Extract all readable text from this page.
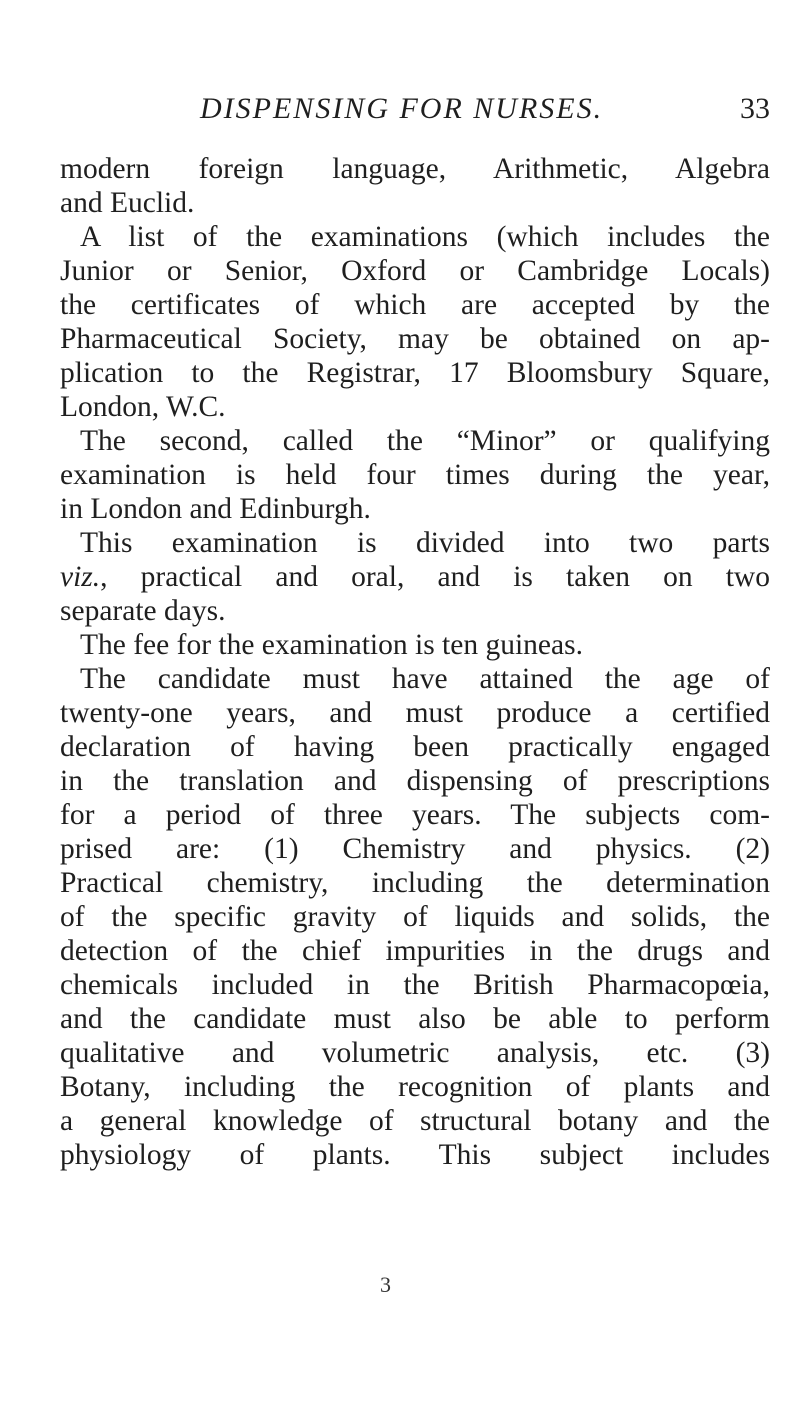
DISPENSING FOR NURSES.	33
modern foreign language, Arithmetic, Algebra
and Euclid.
A list of the examinations (which includes the
Junior or Senior, Oxford or Cambridge Locals)
the certificates of which are accepted by the
Pharmaceutical Society, may be obtained on ap-
plication to the Registrar, 17 Bloomsbury Square,
London, W.C.
The second, called the “Minor” or qualifying
examination is held four times during the year,
in London and Edinburgh.
This examination is divided into two parts
viz., practical and oral, and is taken on two
separate days.
The fee for the examination is ten guineas.
The candidate must have attained the age of
twenty-one years, and must produce a certified
declaration of having been practically engaged
in the translation and dispensing of prescriptions
for a period of three years. The subjects com-
prised are: (1) Chemistry and physics. (2)
Practical chemistry, including the determination
of the specific gravity of liquids and solids, the
detection of the chief impurities in the drugs and
chemicals included in the British Pharmacopœia,
and the candidate must also be able to perform
qualitative and volumetric analysis, etc. (3)
Botany, including the recognition of plants and
a general knowledge of structural botany and the
physiology of plants. This subject includes
3
